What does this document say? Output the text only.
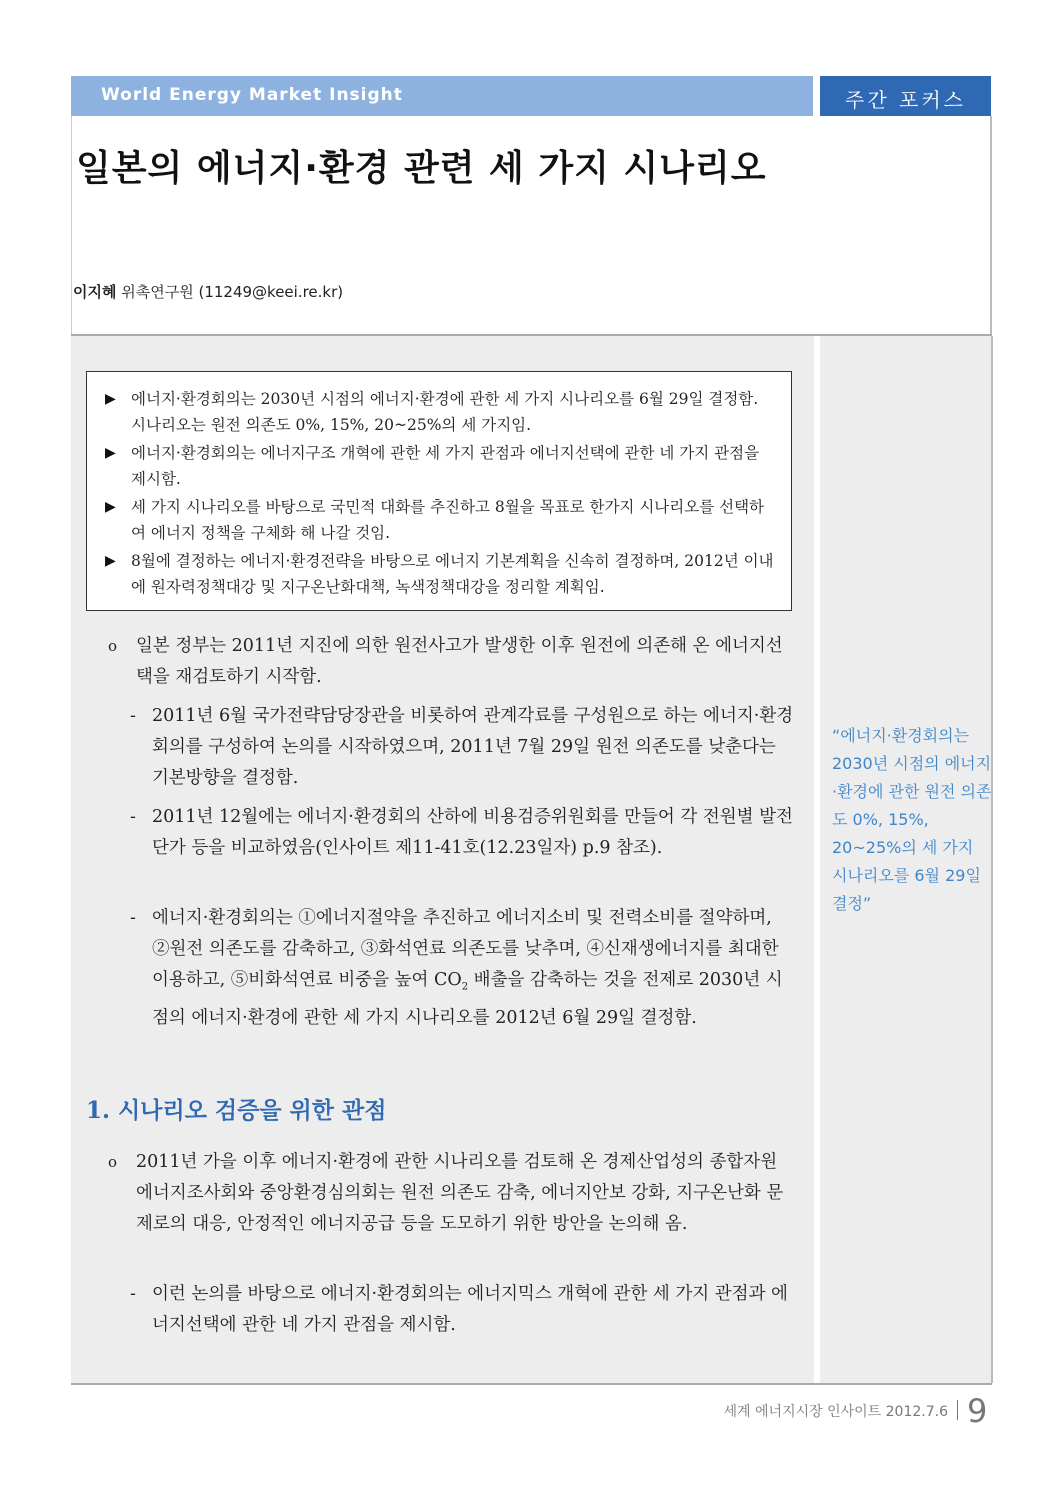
World Energy Market Insight	주간 포커스
일본의 에너지·환경 관련 세 가지 시나리오
이지혜 위촉연구원 (11249@keei.re.kr)
▶ 에너지·환경회의는 2030년 시점의 에너지·환경에 관한 세 가지 시나리오를 6월 29일 결정함. 시나리오는 원전 의존도 0%, 15%, 20~25%의 세 가지임.
▶ 에너지·환경회의는 에너지구조 개혁에 관한 세 가지 관점과 에너지선택에 관한 네 가지 관점을 제시함.
▶ 세 가지 시나리오를 바탕으로 국민적 대화를 추진하고 8월을 목표로 한가지 시나리오를 선택하여 에너지 정책을 구체화 해 나갈 것임.
▶ 8월에 결정하는 에너지·환경전략을 바탕으로 에너지 기본계획을 신속히 결정하며, 2012년 이내에 원자력정책대강 및 지구온난화대책, 녹색정책대강을 정리할 계획임.
o 일본 정부는 2011년 지진에 의한 원전사고가 발생한 이후 원전에 의존해 온 에너지선택을 재검토하기 시작함.
- 2011년 6월 국가전략담당장관을 비롯하여 관계각료를 구성원으로 하는 에너지·환경회의를 구성하여 논의를 시작하였으며, 2011년 7월 29일 원전 의존도를 낮춘다는 기본방향을 결정함.
- 2011년 12월에는 에너지·환경회의 산하에 비용검증위원회를 만들어 각 전원별 발전단가 등을 비교하였음(인사이트 제11-41호(12.23일자) p.9 참조).
- 에너지·환경회의는 ①에너지절약을 추진하고 에너지소비 및 전력소비를 절약하며, ②원전 의존도를 감축하고, ③화석연료 의존도를 낮추며, ④신재생에너지를 최대한 이용하고, ⑤비화석연료 비중을 높여 $CO_2$ 배출을 감축하는 것을 전제로 2030년 시점의 에너지·환경에 관한 세 가지 시나리오를 2012년 6월 29일 결정함.
1. 시나리오 검증을 위한 관점
o 2011년 가을 이후 에너지·환경에 관한 시나리오를 검토해 온 경제산업성의 종합자원에너지조사회와 중앙환경심의회는 원전 의존도 감축, 에너지안보 강화, 지구온난화 문제로의 대응, 안정적인 에너지공급 등을 도모하기 위한 방안을 논의해 옴.
- 이런 논의를 바탕으로 에너지·환경회의는 에너지믹스 개혁에 관한 세 가지 관점과 에너지선택에 관한 네 가지 관점을 제시함.
“에너지·환경회의는 2030년 시점의 에너지·환경에 관한 원전 의존도 0%, 15%, 20~25%의 세 가지 시나리오를 6월 29일 결정”
세계 에너지시장 인사이트 2012.7.6 9
